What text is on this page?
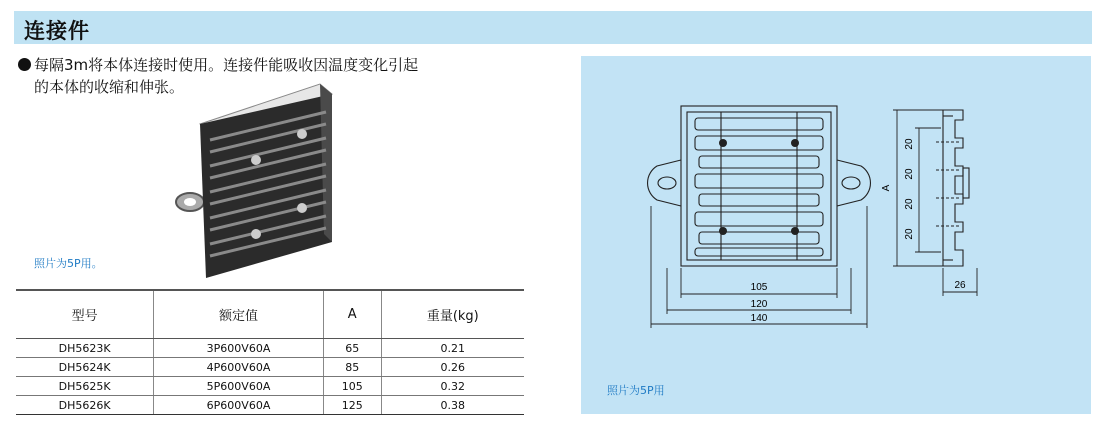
连接件
每隔3m将本体连接时使用。连接件能吸收因温度变化引起
的本体的收缩和伸张。
照片为5P用。
型号	额定值	A	重量(kg)
DH5623K	3P600V60A	65	0.21
DH5624K	4P600V60A	85	0.26
DH5625K	5P600V60A	105	0.32
DH5626K	6P600V60A	125	0.38
105
120
140
A
20
20
20
20
26
照片为5P用
